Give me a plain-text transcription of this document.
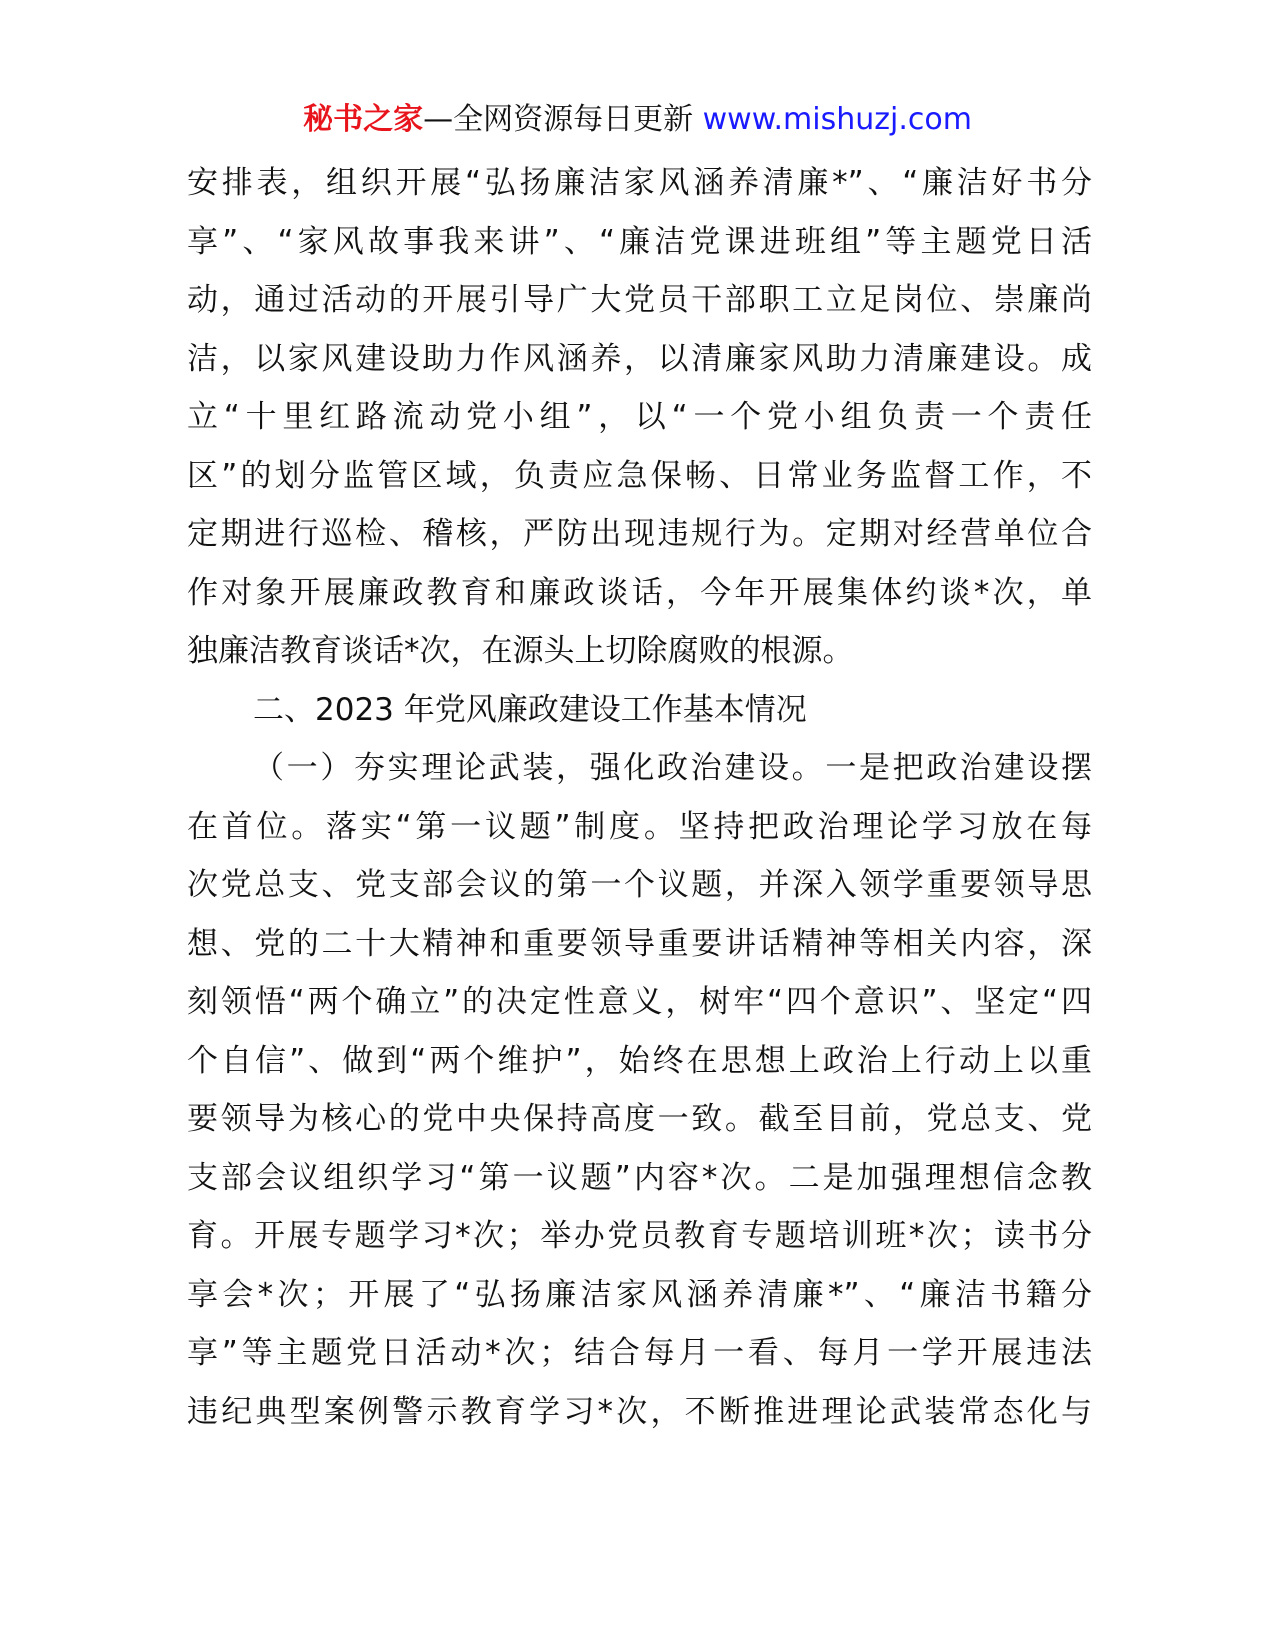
秘书之家—全网资源每日更新 www.mishuzj.com
安排表，组织开展“弘扬廉洁家风涵养清廉*”、“廉洁好书分
享”、“家风故事我来讲”、“廉洁党课进班组”等主题党日活
动，通过活动的开展引导广大党员干部职工立足岗位、崇廉尚
洁，以家风建设助力作风涵养，以清廉家风助力清廉建设。成
立“十里红路流动党小组”，以“一个党小组负责一个责任
区”的划分监管区域，负责应急保畅、日常业务监督工作，不
定期进行巡检、稽核，严防出现违规行为。定期对经营单位合
作对象开展廉政教育和廉政谈话，今年开展集体约谈*次，单
独廉洁教育谈话*次，在源头上切除腐败的根源。
二、2023 年党风廉政建设工作基本情况
（一）夯实理论武装，强化政治建设。一是把政治建设摆
在首位。落实“第一议题”制度。坚持把政治理论学习放在每
次党总支、党支部会议的第一个议题，并深入领学重要领导思
想、党的二十大精神和重要领导重要讲话精神等相关内容，深
刻领悟“两个确立”的决定性意义，树牢“四个意识”、坚定“四
个自信”、做到“两个维护”，始终在思想上政治上行动上以重
要领导为核心的党中央保持高度一致。截至目前，党总支、党
支部会议组织学习“第一议题”内容*次。二是加强理想信念教
育。开展专题学习*次；举办党员教育专题培训班*次；读书分
享会*次；开展了“弘扬廉洁家风涵养清廉*”、“廉洁书籍分
享”等主题党日活动*次；结合每月一看、每月一学开展违法
违纪典型案例警示教育学习*次，不断推进理论武装常态化与
